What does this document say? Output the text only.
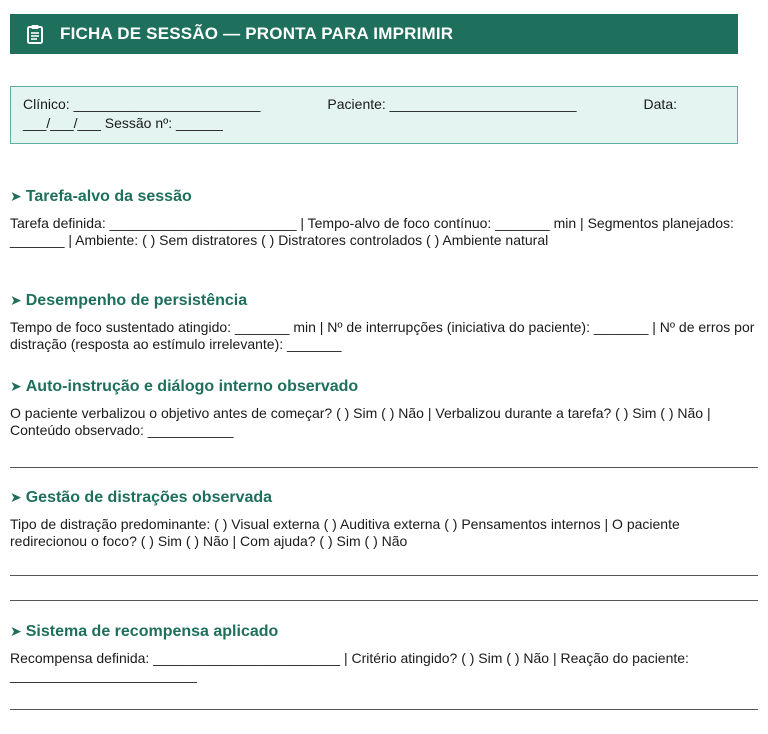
FICHA DE SESSÃO — PRONTA PARA IMPRIMIR
Clínico: ________________________	Paciente: ________________________	Data:
___/___/___ Sessão nº: ______
➤ Tarefa-alvo da sessão

Tarefa definida: ________________________ | Tempo-alvo de foco contínuo: _______ min | Segmentos planejados: _______ | Ambiente: ( ) Sem distratores ( ) Distratores controlados ( ) Ambiente natural

➤ Desempenho de persistência

Tempo de foco sustentado atingido: _______ min | Nº de interrupções (iniciativa do paciente): _______ | Nº de erros por distração (resposta ao estímulo irrelevante): _______

➤ Auto-instrução e diálogo interno observado

O paciente verbalizou o objetivo antes de começar? ( ) Sim ( ) Não | Verbalizou durante a tarefa? ( ) Sim ( ) Não | Conteúdo observado: ___________

➤ Gestão de distrações observada

Tipo de distração predominante: ( ) Visual externa ( ) Auditiva externa ( ) Pensamentos internos | O paciente redirecionou o foco? ( ) Sim ( ) Não | Com ajuda? ( ) Sim ( ) Não

➤ Sistema de recompensa aplicado

Recompensa definida: ________________________ | Critério atingido? ( ) Sim ( ) Não | Reação do paciente: ________________________
